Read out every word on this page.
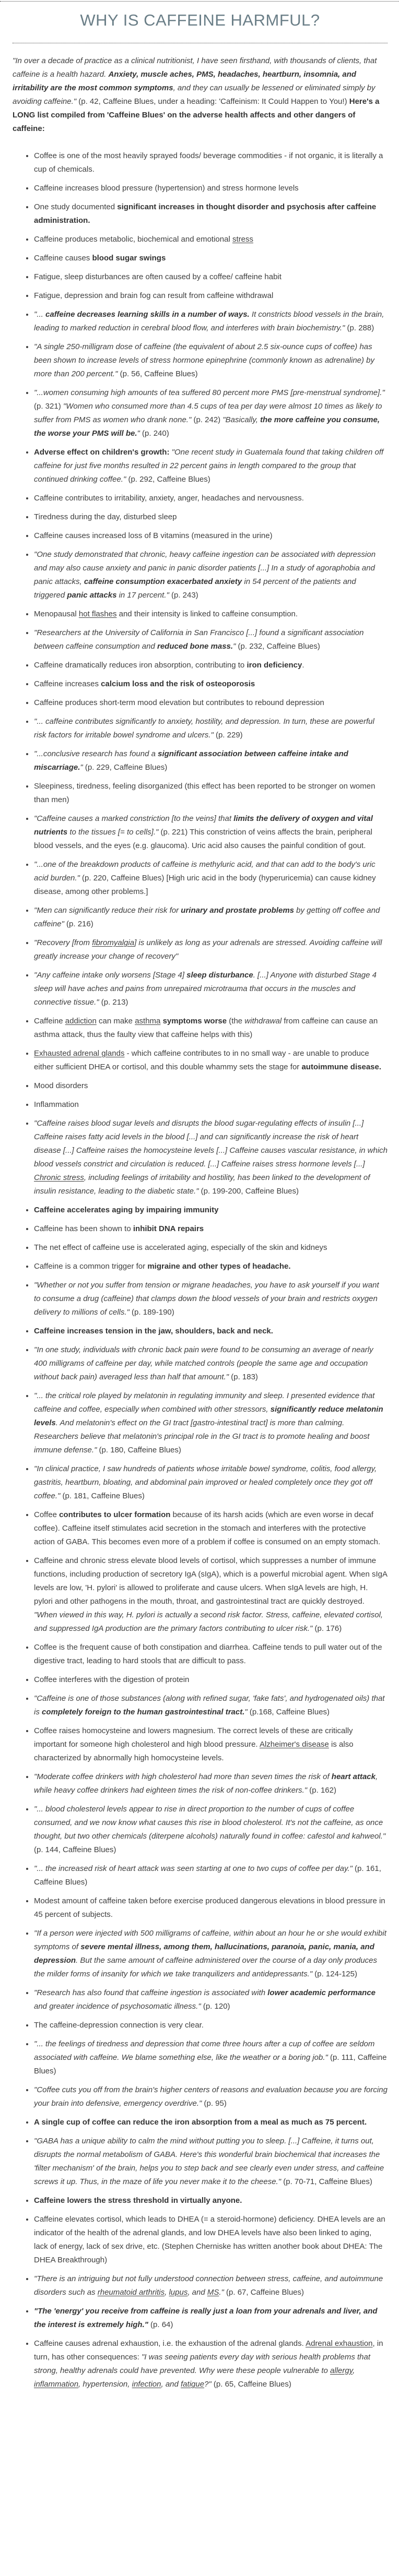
WHY IS CAFFEINE HARMFUL?

"In over a decade of practice as a clinical nutritionist, I have seen firsthand, with thousands of clients, that caffeine is a health hazard. Anxiety, muscle aches, PMS, headaches, heartburn, insomnia, and irritability are the most common symptoms, and they can usually be lessened or eliminated simply by avoiding caffeine." (p. 42, Caffeine Blues, under a heading: 'Caffeinism: It Could Happen to You!) Here's a LONG list compiled from 'Caffeine Blues' on the adverse health affects and other dangers of caffeine:

• Coffee is one of the most heavily sprayed foods/ beverage commodities - if not organic, it is literally a cup of chemicals.
• Caffeine increases blood pressure (hypertension) and stress hormone levels
• One study documented significant increases in thought disorder and psychosis after caffeine administration.
• Caffeine produces metabolic, biochemical and emotional stress
• Caffeine causes blood sugar swings
• Fatigue, sleep disturbances are often caused by a coffee/ caffeine habit
• Fatigue, depression and brain fog can result from caffeine withdrawal
• "... caffeine decreases learning skills in a number of ways. It constricts blood vessels in the brain, leading to marked reduction in cerebral blood flow, and interferes with brain biochemistry." (p. 288)
• "A single 250-milligram dose of caffeine (the equivalent of about 2.5 six-ounce cups of coffee) has been shown to increase levels of stress hormone epinephrine (commonly known as adrenaline) by more than 200 percent." (p. 56, Caffeine Blues)
• "...women consuming high amounts of tea suffered 80 percent more PMS [pre-menstrual syndrome]." (p. 321) "Women who consumed more than 4.5 cups of tea per day were almost 10 times as likely to suffer from PMS as women who drank none." (p. 242) "Basically, the more caffeine you consume, the worse your PMS will be." (p. 240)
• Adverse effect on children's growth: "One recent study in Guatemala found that taking children off caffeine for just five months resulted in 22 percent gains in length compared to the group that continued drinking coffee." (p. 292, Caffeine Blues)
• Caffeine contributes to irritability, anxiety, anger, headaches and nervousness.
• Tiredness during the day, disturbed sleep
• Caffeine causes increased loss of B vitamins (measured in the urine)
• "One study demonstrated that chronic, heavy caffeine ingestion can be associated with depression and may also cause anxiety and panic in panic disorder patients [...] In a study of agoraphobia and panic attacks, caffeine consumption exacerbated anxiety in 54 percent of the patients and triggered panic attacks in 17 percent." (p. 243)
• Menopausal hot flashes and their intensity is linked to caffeine consumption.
• "Researchers at the University of California in San Francisco [...] found a significant association between caffeine consumption and reduced bone mass." (p. 232, Caffeine Blues)
• Caffeine dramatically reduces iron absorption, contributing to iron deficiency.
• Caffeine increases calcium loss and the risk of osteoporosis
• Caffeine produces short-term mood elevation but contributes to rebound depression
• "... caffeine contributes significantly to anxiety, hostility, and depression. In turn, these are powerful risk factors for irritable bowel syndrome and ulcers." (p. 229)
• "...conclusive research has found a significant association between caffeine intake and miscarriage." (p. 229, Caffeine Blues)
• Sleepiness, tiredness, feeling disorganized (this effect has been reported to be stronger on women than men)
• "Caffeine causes a marked constriction [to the veins] that limits the delivery of oxygen and vital nutrients to the tissues [= to cells]." (p. 221) This constriction of veins affects the brain, peripheral blood vessels, and the eyes (e.g. glaucoma). Uric acid also causes the painful condition of gout.
• "...one of the breakdown products of caffeine is methyluric acid, and that can add to the body's uric acid burden." (p. 220, Caffeine Blues) [High uric acid in the body (hyperuricemia) can cause kidney disease, among other problems.]
• "Men can significantly reduce their risk for urinary and prostate problems by getting off coffee and caffeine" (p. 216)
• "Recovery [from fibromyalgia] is unlikely as long as your adrenals are stressed. Avoiding caffeine will greatly increase your change of recovery"
• "Any caffeine intake only worsens [Stage 4] sleep disturbance. [...] Anyone with disturbed Stage 4 sleep will have aches and pains from unrepaired microtrauma that occurs in the muscles and connective tissue." (p. 213)
• Caffeine addiction can make asthma symptoms worse (the withdrawal from caffeine can cause an asthma attack, thus the faulty view that caffeine helps with this)
• Exhausted adrenal glands - which caffeine contributes to in no small way - are unable to produce either sufficient DHEA or cortisol, and this double whammy sets the stage for autoimmune disease.
• Mood disorders
• Inflammation
• "Caffeine raises blood sugar levels and disrupts the blood sugar-regulating effects of insulin [...] Caffeine raises fatty acid levels in the blood [...] and can significantly increase the risk of heart disease [...] Caffeine raises the homocysteine levels [...] Caffeine causes vascular resistance, in which blood vessels constrict and circulation is reduced. [...] Caffeine raises stress hormone levels [...] Chronic stress, including feelings of irritability and hostility, has been linked to the development of insulin resistance, leading to the diabetic state." (p. 199-200, Caffeine Blues)
• Caffeine accelerates aging by impairing immunity
• Caffeine has been shown to inhibit DNA repairs
• The net effect of caffeine use is accelerated aging, especially of the skin and kidneys
• Caffeine is a common trigger for migraine and other types of headache.
• "Whether or not you suffer from tension or migrane headaches, you have to ask yourself if you want to consume a drug (caffeine) that clamps down the blood vessels of your brain and restricts oxygen delivery to millions of cells." (p. 189-190)
• Caffeine increases tension in the jaw, shoulders, back and neck.
• "In one study, individuals with chronic back pain were found to be consuming an average of nearly 400 milligrams of caffeine per day, while matched controls (people the same age and occupation without back pain) averaged less than half that amount." (p. 183)
• "... the critical role played by melatonin in regulating immunity and sleep. I presented evidence that caffeine and coffee, especially when combined with other stressors, significantly reduce melatonin levels. And melatonin's effect on the GI tract [gastro-intestinal tract] is more than calming. Researchers believe that melatonin's principal role in the GI tract is to promote healing and boost immune defense." (p. 180, Caffeine Blues)
• "In clinical practice, I saw hundreds of patients whose irritable bowel syndrome, colitis, food allergy, gastritis, heartburn, bloating, and abdominal pain improved or healed completely once they got off coffee." (p. 181, Caffeine Blues)
• Coffee contributes to ulcer formation because of its harsh acids (which are even worse in decaf coffee). Caffeine itself stimulates acid secretion in the stomach and interferes with the protective action of GABA. This becomes even more of a problem if coffee is consumed on an empty stomach.
• Caffeine and chronic stress elevate blood levels of cortisol, which suppresses a number of immune functions, including production of secretory IgA (sIgA), which is a powerful microbial agent. When sIgA levels are low, 'H. pylori' is allowed to proliferate and cause ulcers. When sIgA levels are high, H. pylori and other pathogens in the mouth, throat, and gastrointestinal tract are quickly destroyed. "When viewed in this way, H. pylori is actually a second risk factor. Stress, caffeine, elevated cortisol, and suppressed IgA production are the primary factors contributing to ulcer risk." (p. 176)
• Coffee is the frequent cause of both constipation and diarrhea. Caffeine tends to pull water out of the digestive tract, leading to hard stools that are difficult to pass.
• Coffee interferes with the digestion of protein
• "Caffeine is one of those substances (along with refined sugar, 'fake fats', and hydrogenated oils) that is completely foreign to the human gastrointestinal tract." (p.168, Caffeine Blues)
• Coffee raises homocysteine and lowers magnesium. The correct levels of these are critically important for someone high cholesterol and high blood pressure. Alzheimer's disease is also characterized by abnormally high homocysteine levels.
• "Moderate coffee drinkers with high cholesterol had more than seven times the risk of heart attack, while heavy coffee drinkers had eighteen times the risk of non-coffee drinkers." (p. 162)
• "... blood cholesterol levels appear to rise in direct proportion to the number of cups of coffee consumed, and we now know what causes this rise in blood cholesterol. It's not the caffeine, as once thought, but two other chemicals (diterpene alcohols) naturally found in coffee: cafestol and kahweol." (p. 144, Caffeine Blues)
• "... the increased risk of heart attack was seen starting at one to two cups of coffee per day." (p. 161, Caffeine Blues)
• Modest amount of caffeine taken before exercise produced dangerous elevations in blood pressure in 45 percent of subjects.
• "If a person were injected with 500 milligrams of caffeine, within about an hour he or she would exhibit symptoms of severe mental illness, among them, hallucinations, paranoia, panic, mania, and depression. But the same amount of caffeine administered over the course of a day only produces the milder forms of insanity for which we take tranquilizers and antidepressants." (p. 124-125)
• "Research has also found that caffeine ingestion is associated with lower academic performance and greater incidence of psychosomatic illness." (p. 120)
• The caffeine-depression connection is very clear.
• "... the feelings of tiredness and depression that come three hours after a cup of coffee are seldom associated with caffeine. We blame something else, like the weather or a boring job." (p. 111, Caffeine Blues)
• "Coffee cuts you off from the brain's higher centers of reasons and evaluation because you are forcing your brain into defensive, emergency overdrive." (p. 95)
• A single cup of coffee can reduce the iron absorption from a meal as much as 75 percent.
• "GABA has a unique ability to calm the mind without putting you to sleep. [...] Caffeine, it turns out, disrupts the normal metabolism of GABA. Here's this wonderful brain biochemical that increases the 'filter mechanism' of the brain, helps you to step back and see clearly even under stress, and caffeine screws it up. Thus, in the maze of life you never make it to the cheese." (p. 70-71, Caffeine Blues)
• Caffeine lowers the stress threshold in virtually anyone.
• Caffeine elevates cortisol, which leads to DHEA (= a steroid-hormone) deficiency. DHEA levels are an indicator of the health of the adrenal glands, and low DHEA levels have also been linked to aging, lack of energy, lack of sex drive, etc. (Stephen Cherniske has written another book about DHEA: The DHEA Breakthrough)
• "There is an intriguing but not fully understood connection between stress, caffeine, and autoimmune disorders such as rheumatoid arthritis, lupus, and MS." (p. 67, Caffeine Blues)
• "The 'energy' you receive from caffeine is really just a loan from your adrenals and liver, and the interest is extremely high." (p. 64)
• Caffeine causes adrenal exhaustion, i.e. the exhaustion of the adrenal glands. Adrenal exhaustion, in turn, has other consequences: "I was seeing patients every day with serious health problems that strong, healthy adrenals could have prevented. Why were these people vulnerable to allergy, inflammation, hypertension, infection, and fatigue?" (p. 65, Caffeine Blues)
